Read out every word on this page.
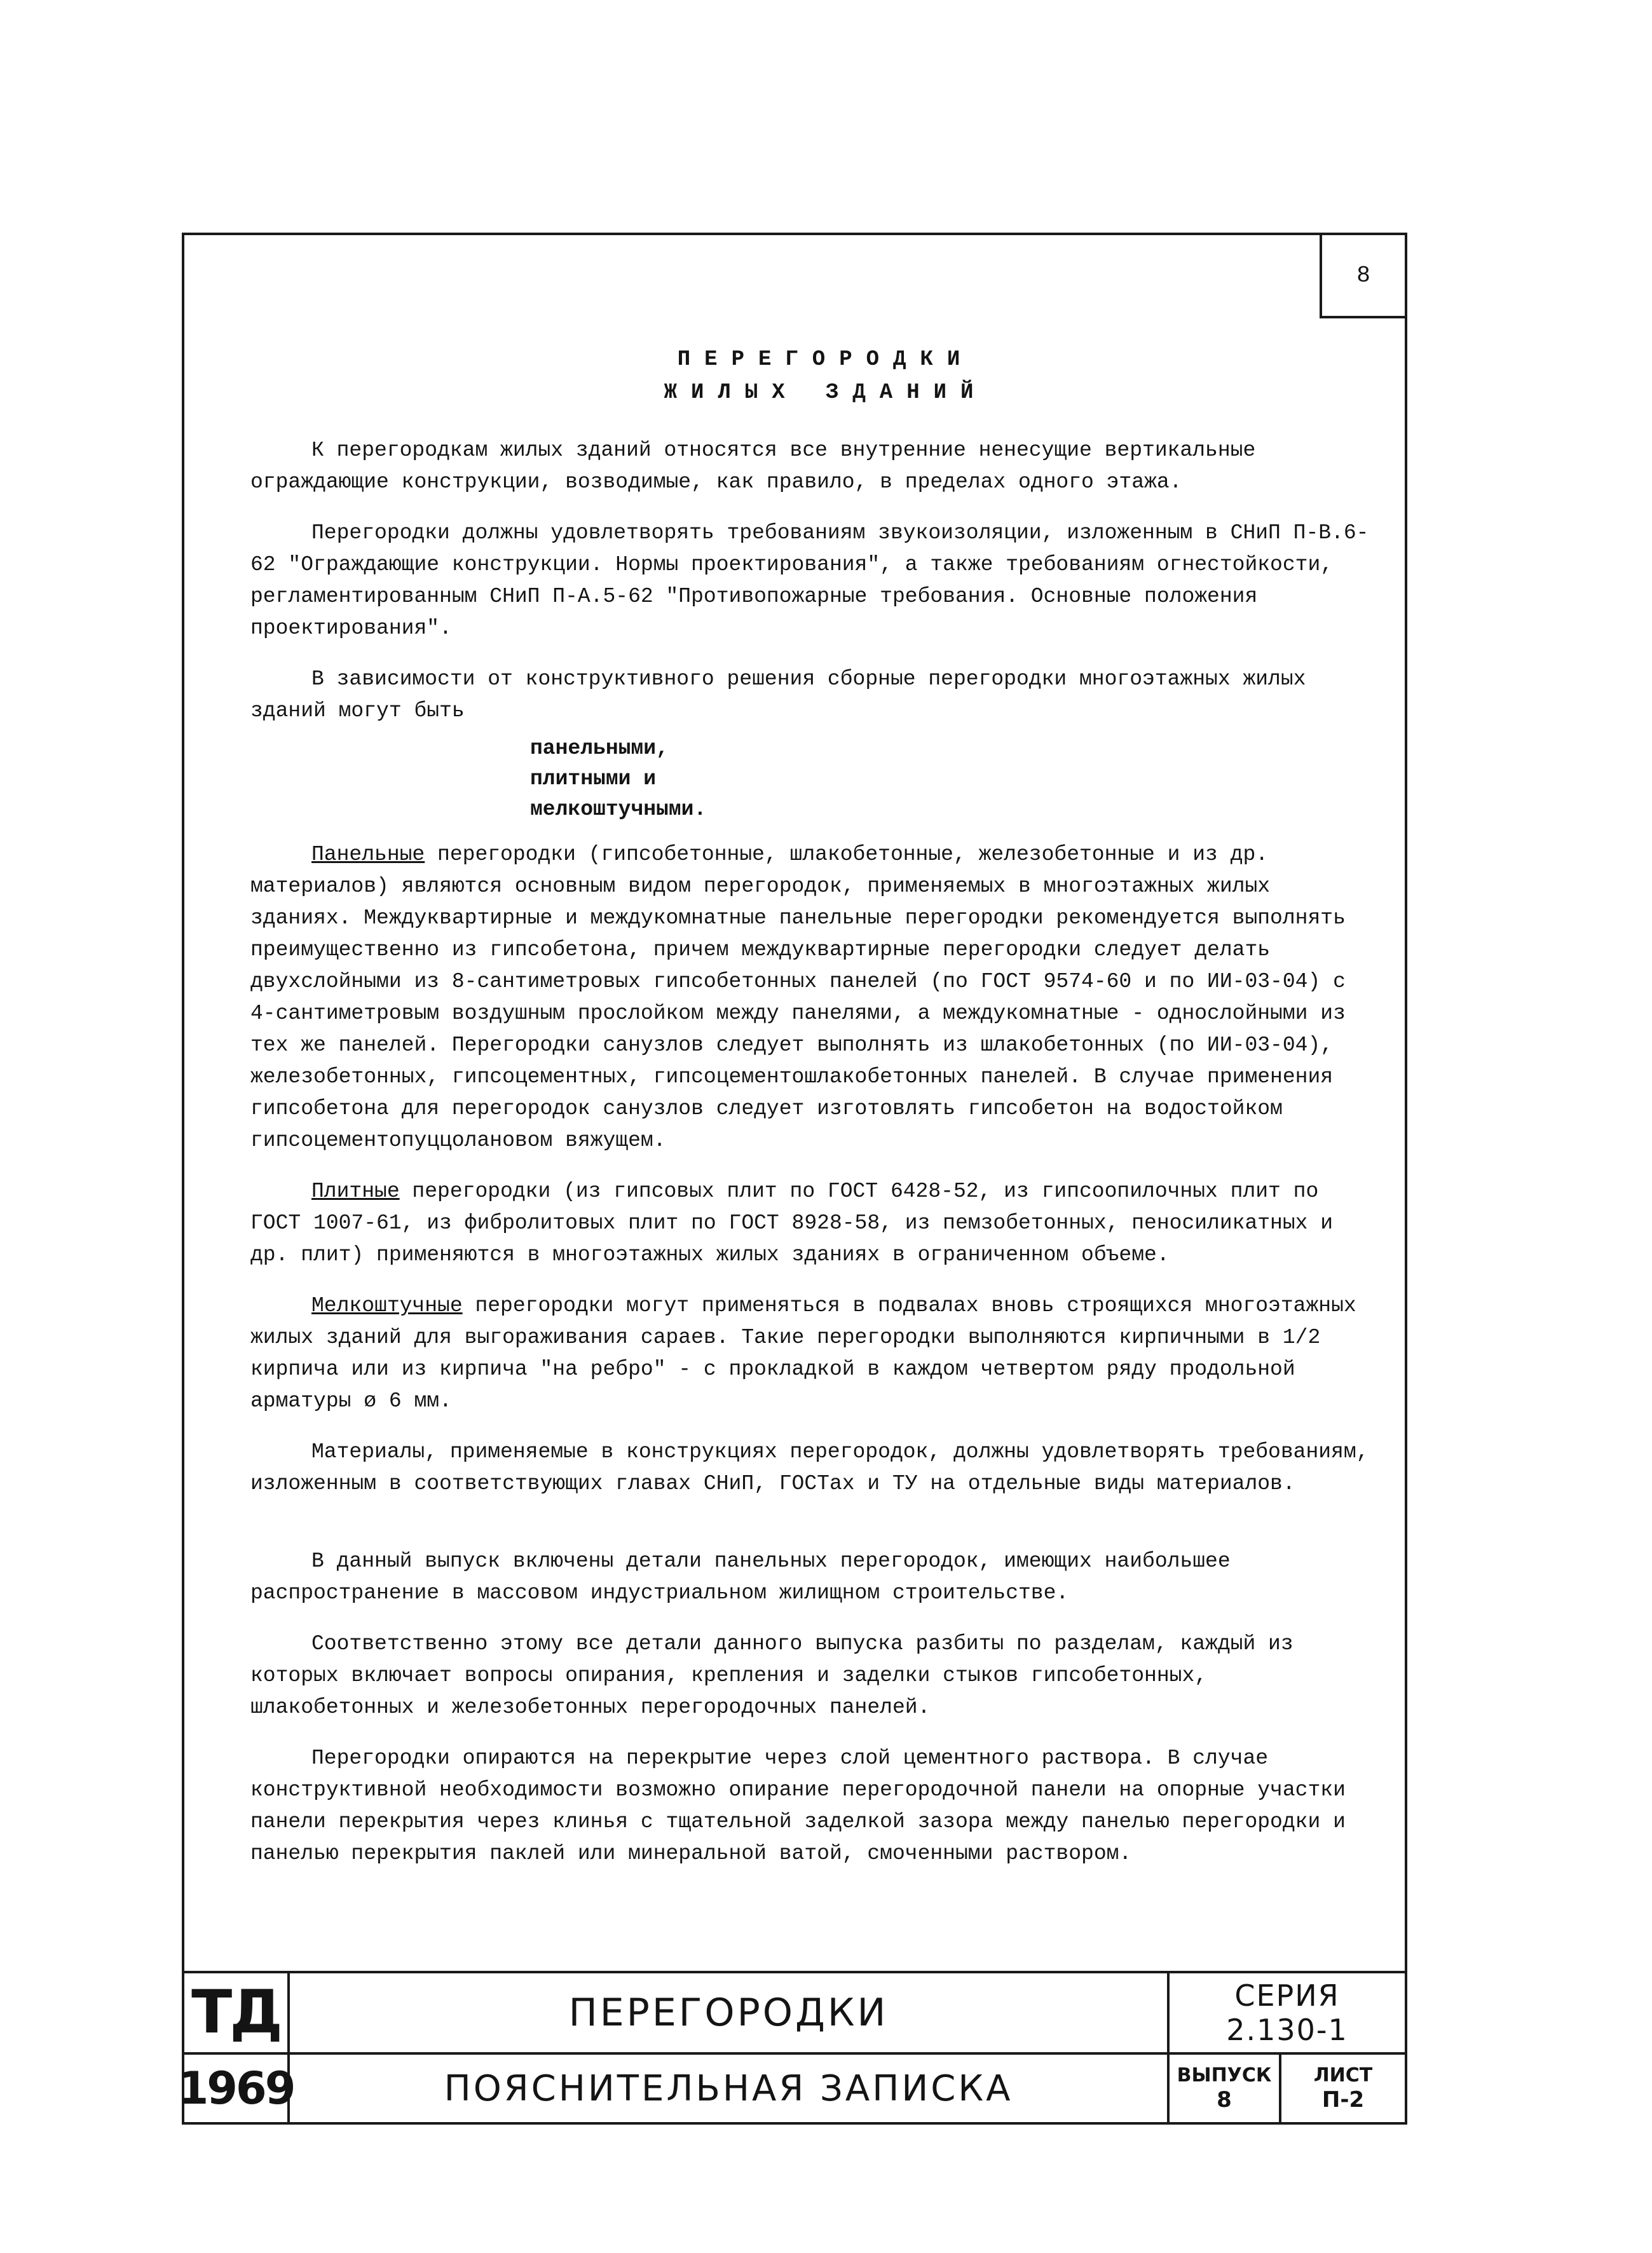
8
ПЕРЕГОРОДКИ
ЖИЛЫХ ЗДАНИЙ

К перегородкам жилых зданий относятся все внутренние ненесущие вертикальные ограждающие конструкции, возводимые, как правило, в пределах одного этажа.

Перегородки должны удовлетворять требованиям звукоизоляции, изложенным в СНиП П-В.6-62 "Ограждающие конструкции. Нормы проектирования", а также требованиям огнестойкости, регламентированным СНиП П-А.5-62 "Противопожарные требования. Основные положения проектирования".

В зависимости от конструктивного решения сборные перегородки многоэтажных жилых зданий могут быть

панельными,
плитными и
мелкоштучными.

Панельные перегородки (гипсобетонные, шлакобетонные, железобетонные и из др. материалов) являются основным видом перегородок, применяемых в многоэтажных жилых зданиях. Междуквартирные и междукомнатные панельные перегородки рекомендуется выполнять преимущественно из гипсобетона, причем междуквартирные перегородки следует делать двухслойными из 8-сантиметровых гипсобетонных панелей (по ГОСТ 9574-60 и по ИИ-03-04) с 4-сантиметровым воздушным прослойком между панелями, а междукомнатные - однослойными из тех же панелей. Перегородки санузлов следует выполнять из шлакобетонных (по ИИ-03-04), железобетонных, гипсоцементных, гипсоцементошлакобетонных панелей. В случае применения гипсобетона для перегородок санузлов следует изготовлять гипсобетон на водостойком гипсоцементопуццолановом вяжущем.

Плитные перегородки (из гипсовых плит по ГОСТ 6428-52, из гипсоопилочных плит по ГОСТ 1007-61, из фибролитовых плит по ГОСТ 8928-58, из пемзобетонных, пеносиликатных и др. плит) применяются в многоэтажных жилых зданиях в ограниченном объеме.

Мелкоштучные перегородки могут применяться в подвалах вновь строящихся многоэтажных жилых зданий для выгораживания сараев. Такие перегородки выполняются кирпичными в 1/2 кирпича или из кирпича "на ребро" - с прокладкой в каждом четвертом ряду продольной арматуры ø 6 мм.

Материалы, применяемые в конструкциях перегородок, должны удовлетворять требованиям, изложенным в соответствующих главах СНиП, ГОСТах и ТУ на отдельные виды материалов.

В данный выпуск включены детали панельных перегородок, имеющих наибольшее распространение в массовом индустриальном жилищном строительстве.

Соответственно этому все детали данного выпуска разбиты по разделам, каждый из которых включает вопросы опирания, крепления и заделки стыков гипсобетонных, шлакобетонных и железобетонных перегородочных панелей.

Перегородки опираются на перекрытие через слой цементного раствора. В случае конструктивной необходимости возможно опирание перегородочной панели на опорные участки панели перекрытия через клинья с тщательной заделкой зазора между панелью перегородки и панелью перекрытия паклей или минеральной ватой, смоченными раствором.

ТД
1969
ПЕРЕГОРОДКИ
ПОЯСНИТЕЛЬНАЯ ЗАПИСКА
СЕРИЯ
2.130-1
ВЫПУСК
8
ЛИСТ
П-2
